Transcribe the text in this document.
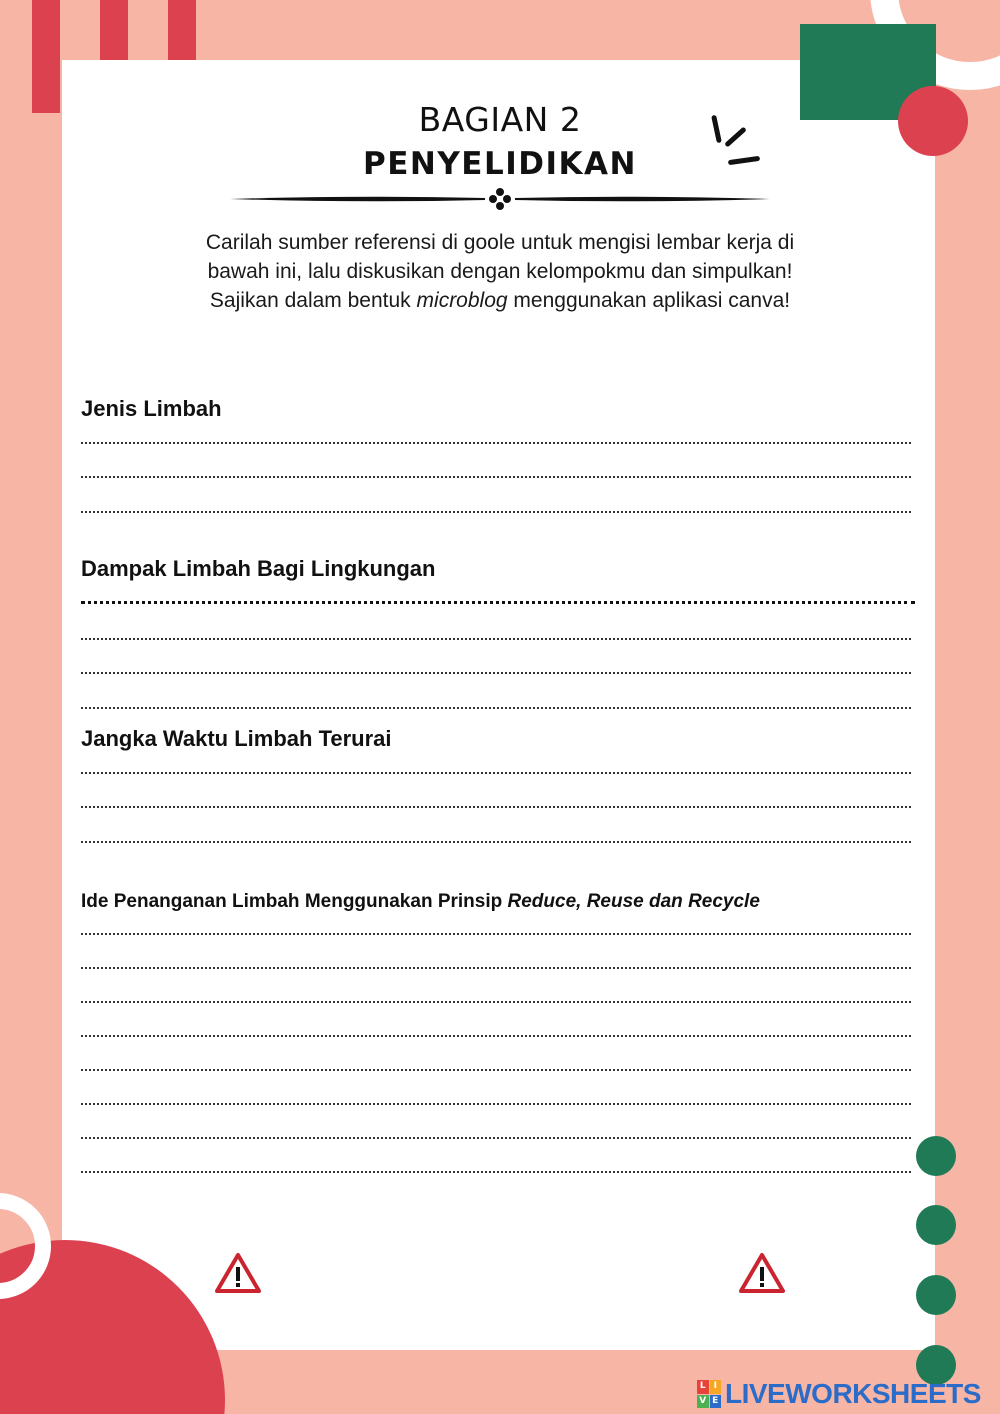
BAGIAN 2
PENYELIDIKAN
Carilah sumber referensi di goole untuk mengisi lembar kerja di
bawah ini, lalu diskusikan dengan kelompokmu dan simpulkan!
Sajikan dalam bentuk microblog menggunakan aplikasi canva!
Jenis Limbah
Dampak Limbah Bagi Lingkungan
Jangka Waktu Limbah Terurai
Ide Penanganan Limbah Menggunakan Prinsip Reduce, Reuse dan Recycle
L I
V E LIVEWORKSHEETS
